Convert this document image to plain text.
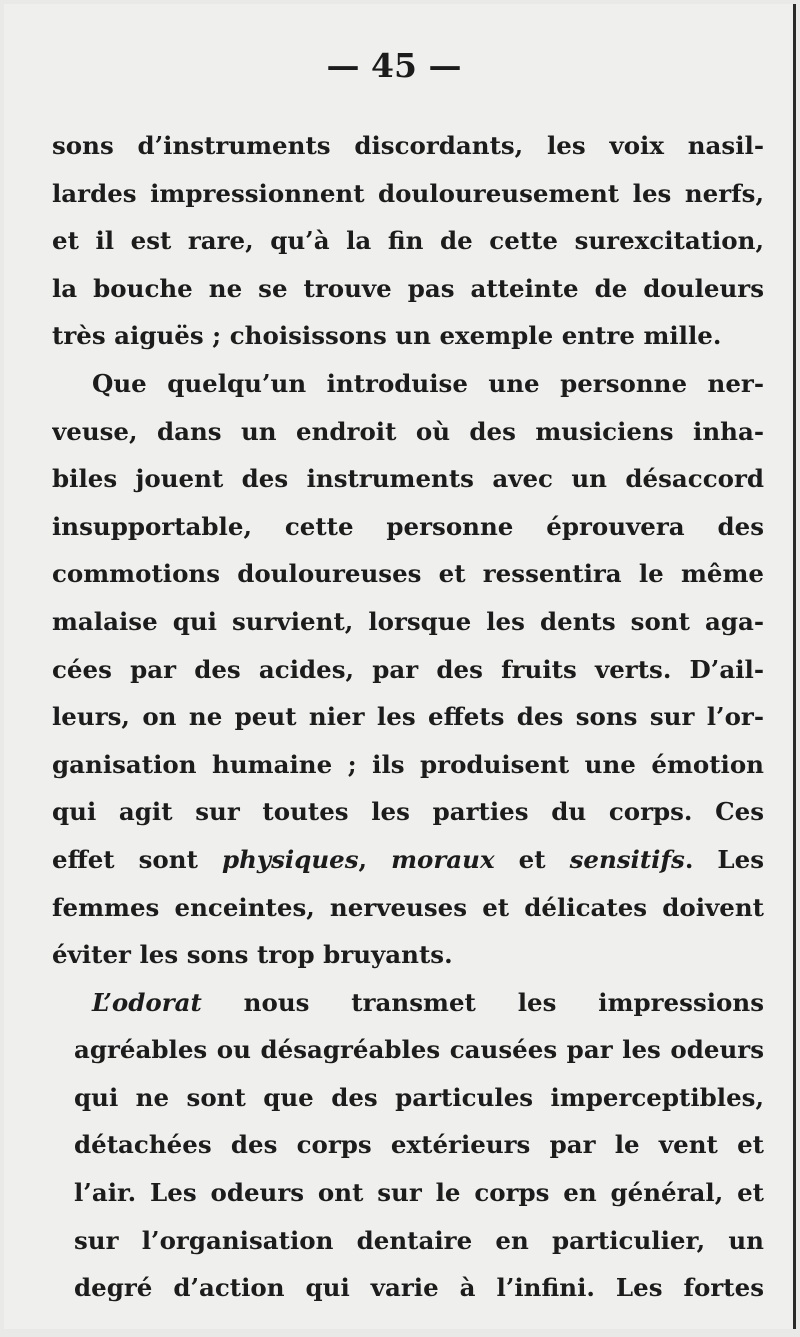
— 45 —
sons d’instruments discordants, les voix nasil-
lardes impressionnent douloureusement les nerfs,
et il est rare, qu’à la fin de cette surexcitation,
la bouche ne se trouve pas atteinte de douleurs
très aiguës ; choisissons un exemple entre mille.
Que quelqu’un introduise une personne ner-
veuse, dans un endroit où des musiciens inha-
biles jouent des instruments avec un désaccord
insupportable, cette personne éprouvera des
commotions douloureuses et ressentira le même
malaise qui survient, lorsque les dents sont aga-
cées par des acides, par des fruits verts. D’ail-
leurs, on ne peut nier les effets des sons sur l’or-
ganisation humaine ; ils produisent une émotion
qui agit sur toutes les parties du corps. Ces
effet sont physiques, moraux et sensitifs. Les
femmes enceintes, nerveuses et délicates doivent
éviter les sons trop bruyants.
L’odorat nous transmet les impressions
agréables ou désagréables causées par les odeurs
qui ne sont que des particules imperceptibles,
détachées des corps extérieurs par le vent et
l’air. Les odeurs ont sur le corps en général, et
sur l’organisation dentaire en particulier, un
degré d’action qui varie à l’infini. Les fortes
